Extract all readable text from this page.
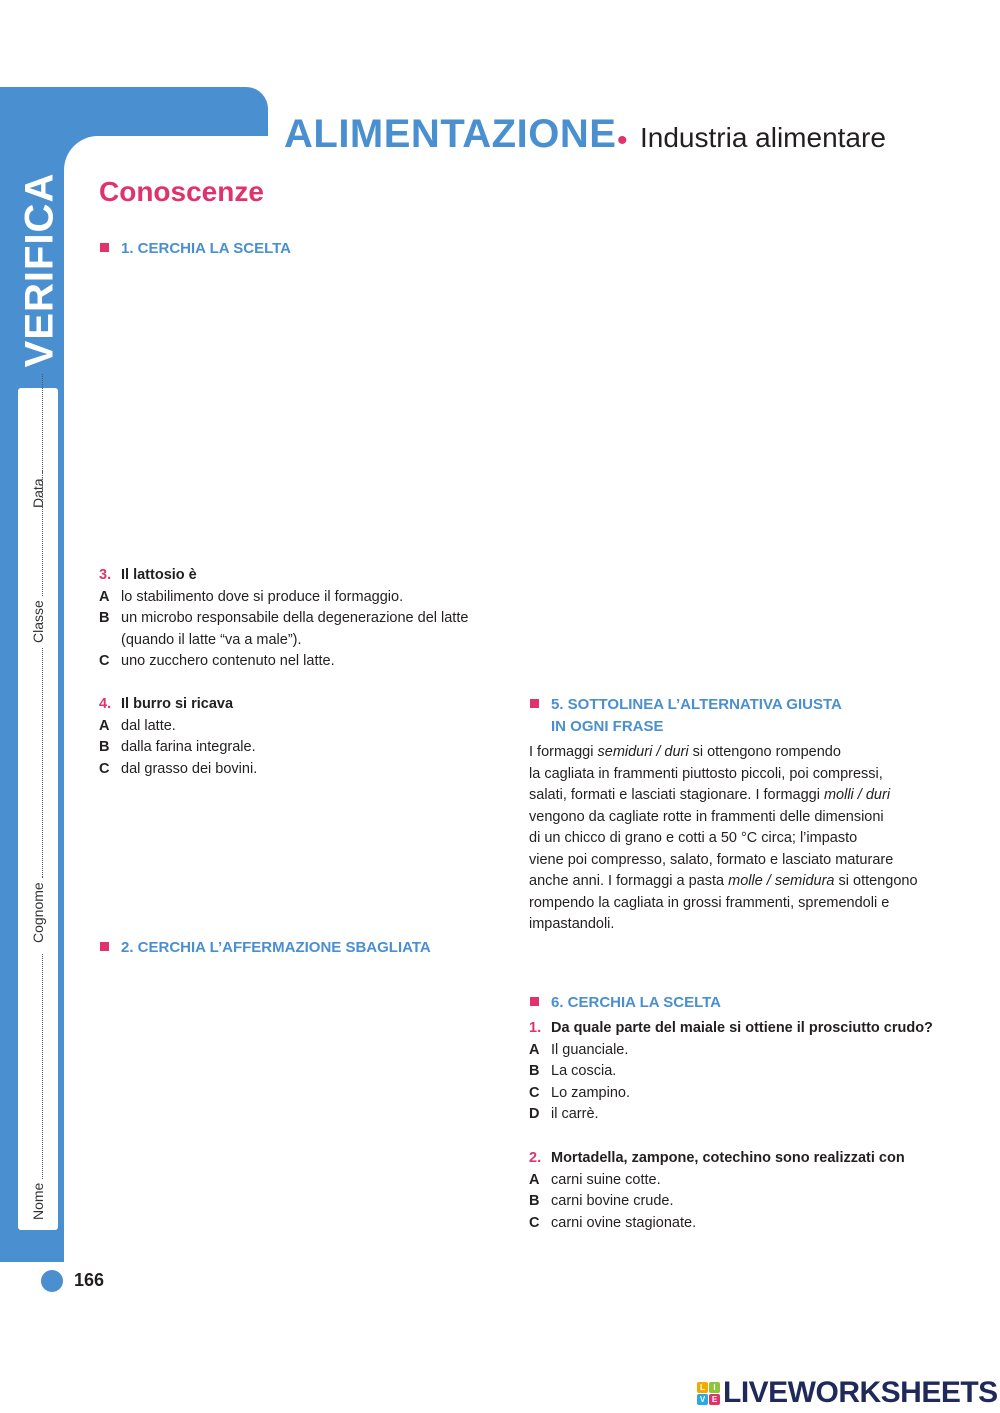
VERIFICA
Data
Classe
Cognome
Nome
166
ALIMENTAZIONE • Industria alimentare
Conoscenze
1. CERCHIA LA SCELTA
3. Il lattosio è
A lo stabilimento dove si produce il formaggio.
B un microbo responsabile della degenerazione del latte
(quando il latte “va a male”).
C uno zucchero contenuto nel latte.
4. Il burro si ricava
A dal latte.
B dalla farina integrale.
C dal grasso dei bovini.
2. CERCHIA L’AFFERMAZIONE SBAGLIATA
5. SOTTOLINEA L’ALTERNATIVA GIUSTA
IN OGNI FRASE
I formaggi semiduri / duri si ottengono rompendo
la cagliata in frammenti piuttosto piccoli, poi compressi,
salati, formati e lasciati stagionare. I formaggi molli / duri
vengono da cagliate rotte in frammenti delle dimensioni
di un chicco di grano e cotti a 50 °C circa; l’impasto
viene poi compresso, salato, formato e lasciato maturare
anche anni. I formaggi a pasta molle / semidura si ottengono
rompendo la cagliata in grossi frammenti, spremendoli e
impastandoli.
6. CERCHIA LA SCELTA
1. Da quale parte del maiale si ottiene il prosciutto crudo?
A Il guanciale.
B La coscia.
C Lo zampino.
D il carrè.
2. Mortadella, zampone, cotechino sono realizzati con
A carni suine cotte.
B carni bovine crude.
C carni ovine stagionate.
L	I
V E LIVEWORKSHEETS
